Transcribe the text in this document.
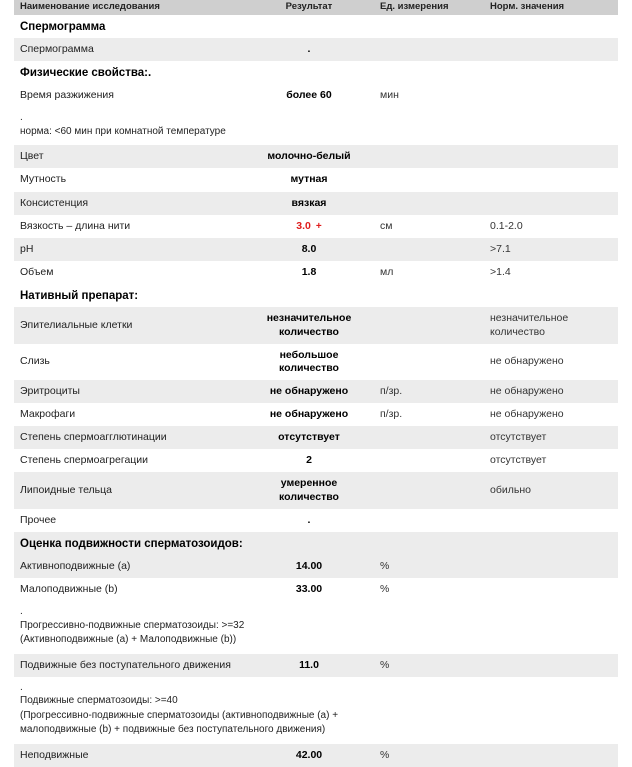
Наименование исследования	Результат	Ед. измерения	Норм. значения
Спермограмма			
Спермограмма	.		
Физические свойства:.			
Время разжижения	более 60	мин	

.
норма: <60 мин при комнатной температуре			

Цвет	молочно-белый		
Мутность	мутная		
Консистенция	вязкая		
Вязкость – длина нити	3.0 +	см	0.1-2.0
pH	8.0		>7.1
Объем	1.8	мл	>1.4
Нативный препарат:			
Эпителиальные клетки	незначительное количество		незначительное количество
Слизь	небольшое количество		не обнаружено
Эритроциты	не обнаружено	п/зр.	не обнаружено
Макрофаги	не обнаружено	п/зр.	не обнаружено
Степень спермоагглютинации	отсутствует		отсутствует
Степень спермоагрегации	2		отсутствует
Липоидные тельца	умеренное количество		обильно
Прочее	.		
Оценка подвижности сперматозоидов:			
Активноподвижные (a)	14.00	%	
Малоподвижные (b)	33.00	%	

.
Прогрессивно-подвижные сперматозоиды: >=32
(Активноподвижные (a) + Малоподвижные (b))			

Подвижные без поступательного движения	11.0	%	

.
Подвижные сперматозоиды: >=40
(Прогрессивно-подвижные сперматозоиды (активноподвижные (a) +
малоподвижные (b) + подвижные без поступательного движения)			

Неподвижные	42.00	%	
